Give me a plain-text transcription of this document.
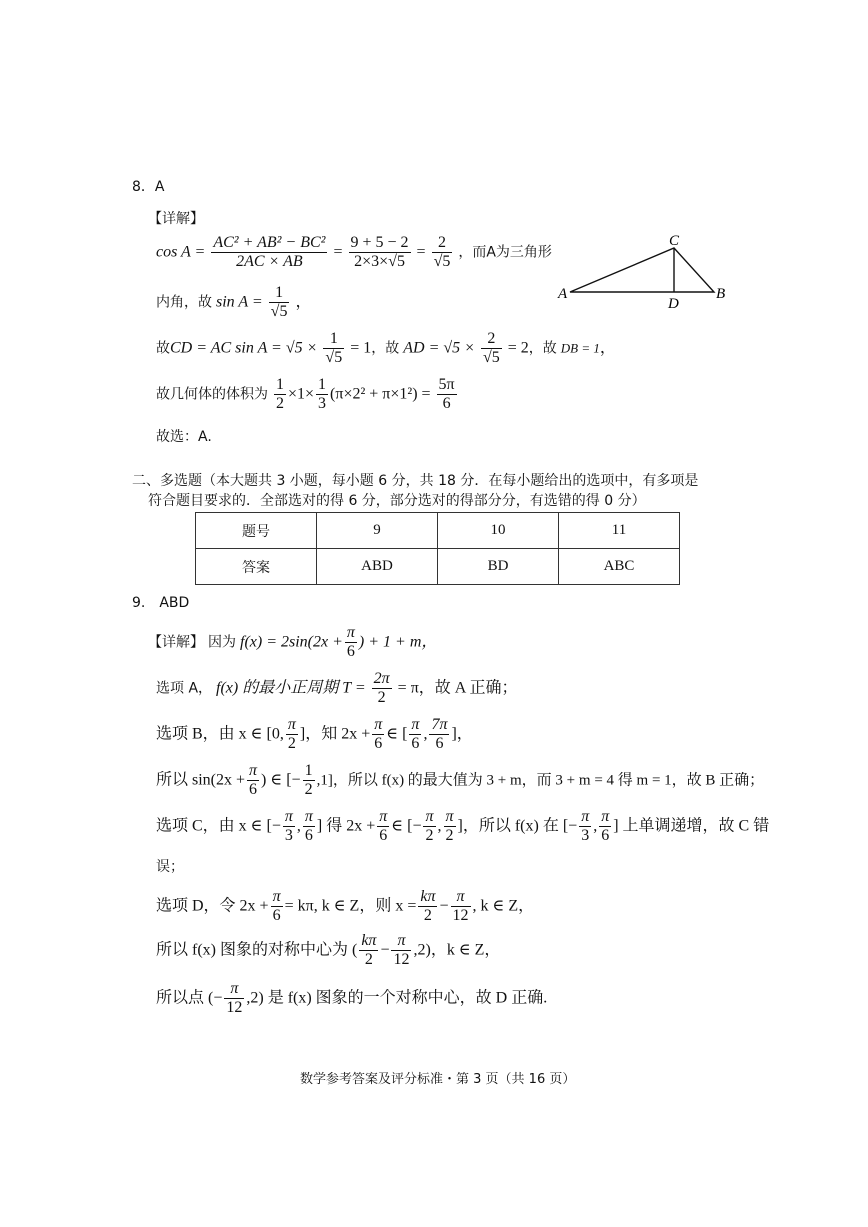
8．A
【详解】
$\cos A = \frac{\text{AC² + AB² − BC²}}{2AC \times AB} = \frac{9 + 5 - 2}{2\times 3\times√5} = \frac{2}{√5}$ ，而A为三角形
内角，故 $\sin A = \frac{1}{√5}$ ，
故CD = AC $\sin A = √5 \times \frac{1}{√5} = 1$，故 AD = $√5 \times \frac{2}{√5} = 2$，故 DB = 1，
故几何体的体积为 $\frac{1}{2} \times 1\times \frac{1}{3} (\pi\times 2^2 + \pi\times 1^2) = \frac{5\pi}{6}$
故选：A.
A
C
D
B
二、多选题（本大题共 3 小题，每小题 6 分，共 18 分．在每小题给出的选项中，有多项是
符合题目要求的．全部选对的得 6 分，部分选对的得部分分，有选错的得 0 分）
题号	9	10	11
答案	ABD	BD	ABC
9.　ABD
【详解】 因为 $f(x) = 2\sin(2x + \frac{\pi}{6}$ ) + 1 + m，
选项 A， f(x) 的最小正周期 $T = \frac{2\pi}{2} = \pi$，故 A 正确；
选项 B，由 x ∈ [0, $\frac{\pi}{2}$ ]，知 $2x + \frac{\pi}{6}$ ∈ [ $\frac{\pi}{6}$ , $\frac{7\pi}{6}$ ]，
所以 $\sin(2x + \frac{\pi}{6}$ ) ∈ [− $\frac{1}{2} ,1$]，所以 f(x) 的最大值为 3 + m，而 3 + m = 4 得 m = 1，故 B 正确；
选项 C，由 x ∈ [− $\frac{\pi}{3}$ , $\frac{\pi}{6}$ ] 得 $2x + \frac{\pi}{6}$ ∈ [− $\frac{\pi}{2}$ , $\frac{\pi}{2}$ ]，所以 f(x) 在 [− $\frac{\pi}{3}$ , $\frac{\pi}{6}$ ] 上单调递增，故 C 错
误；
选项 D，令 $2x + \frac{\pi}{6} = k\pi$, k ∈ Z，则 $x = \frac{k\pi}{2} - \frac{\pi}{12}$ , k ∈ Z，
所以 f(x) 图象的对称中心为 ( $\frac{k\pi}{2} - \frac{\pi}{12} ,2$)，k ∈ Z，
所以点 (− $\frac{\pi}{12} ,2$) 是 f(x) 图象的一个对称中心，故 D 正确.
数学参考答案及评分标准・第 3 页（共 16 页）
